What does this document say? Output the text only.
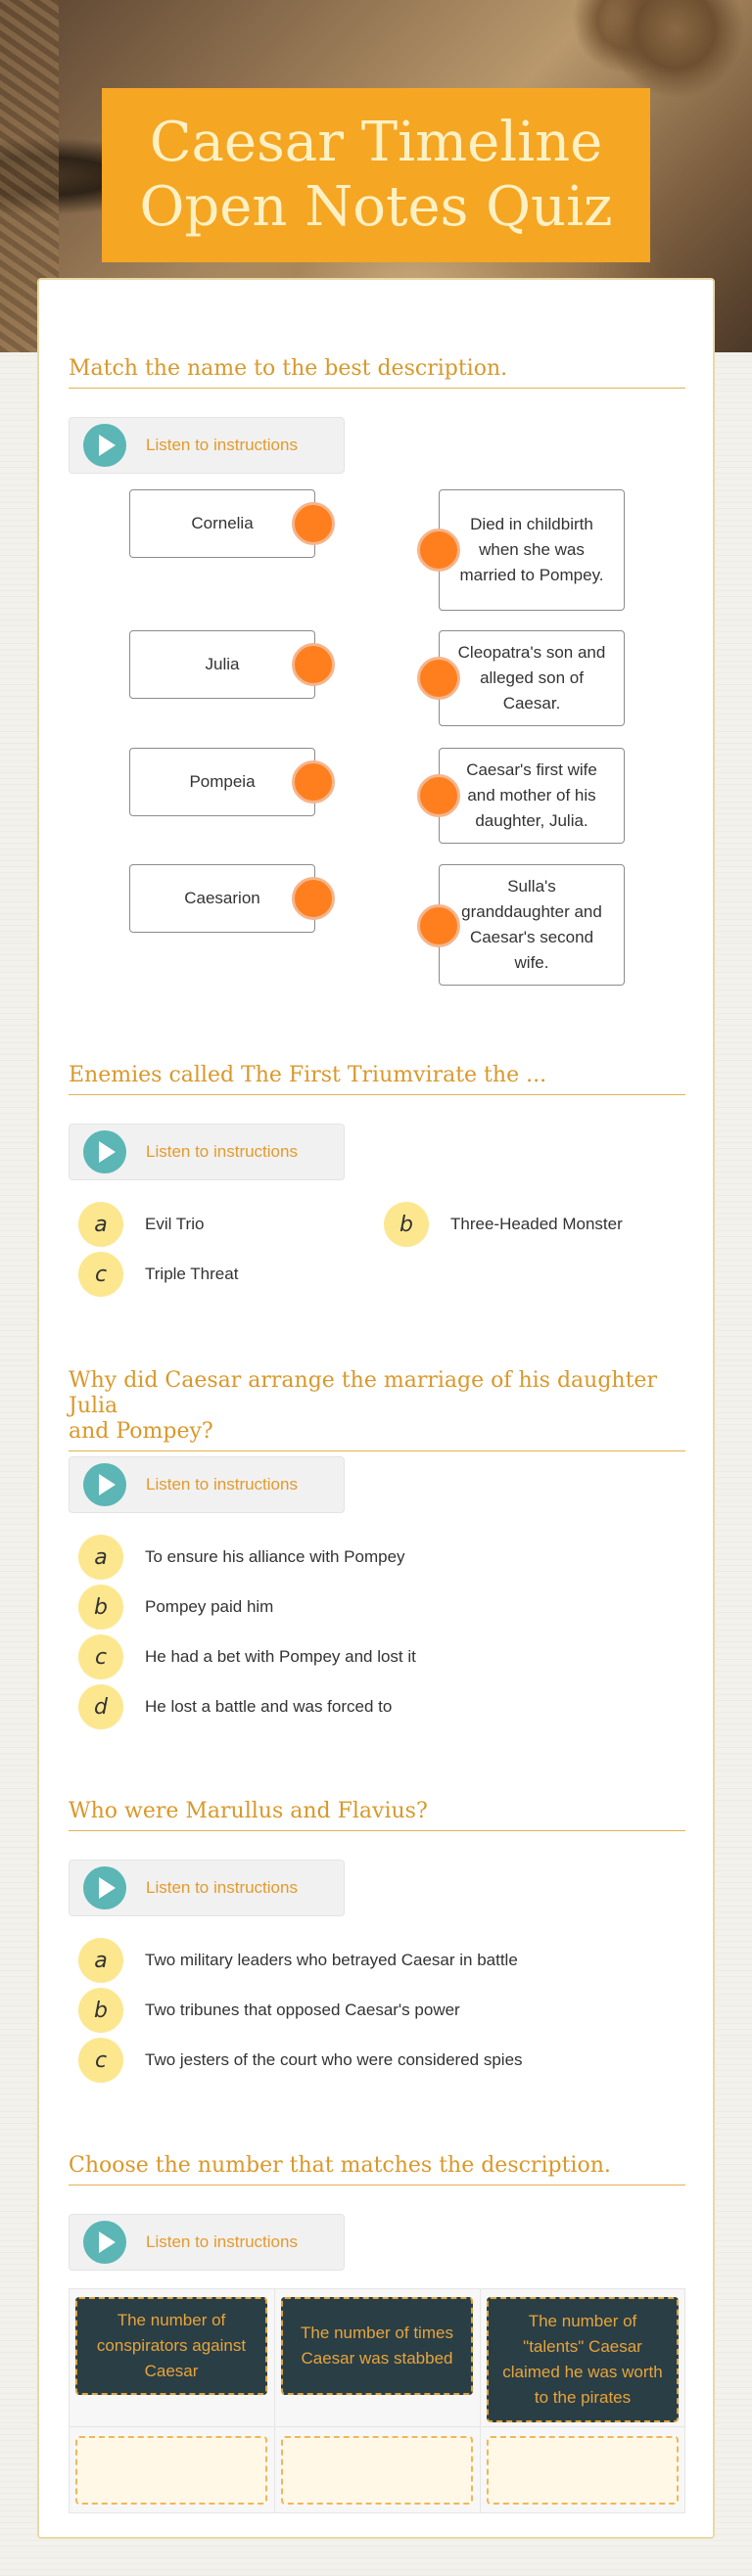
Caesar Timeline
Open Notes Quiz
Match the name to the best description.
Listen to instructions
Cornelia
Julia
Pompeia
Caesarion
Died in childbirth when she was married to Pompey.
Cleopatra's son and alleged son of Caesar.
Caesar's first wife and mother of his daughter, Julia.
Sulla's granddaughter and Caesar's second wife.
Enemies called The First Triumvirate the ...
Listen to instructions
a	Evil Trio	b	Three-Headed Monster
c	Triple Threat
Why did Caesar arrange the marriage of his daughter Julia
and Pompey?
Listen to instructions
a	To ensure his alliance with Pompey
b	Pompey paid him
c	He had a bet with Pompey and lost it
d	He lost a battle and was forced to
Who were Marullus and Flavius?
Listen to instructions
a	Two military leaders who betrayed Caesar in battle
b	Two tribunes that opposed Caesar's power
c	Two jesters of the court who were considered spies
Choose the number that matches the description.
Listen to instructions
The number of conspirators against Caesar
The number of times Caesar was stabbed
The number of "talents" Caesar claimed he was worth to the pirates
